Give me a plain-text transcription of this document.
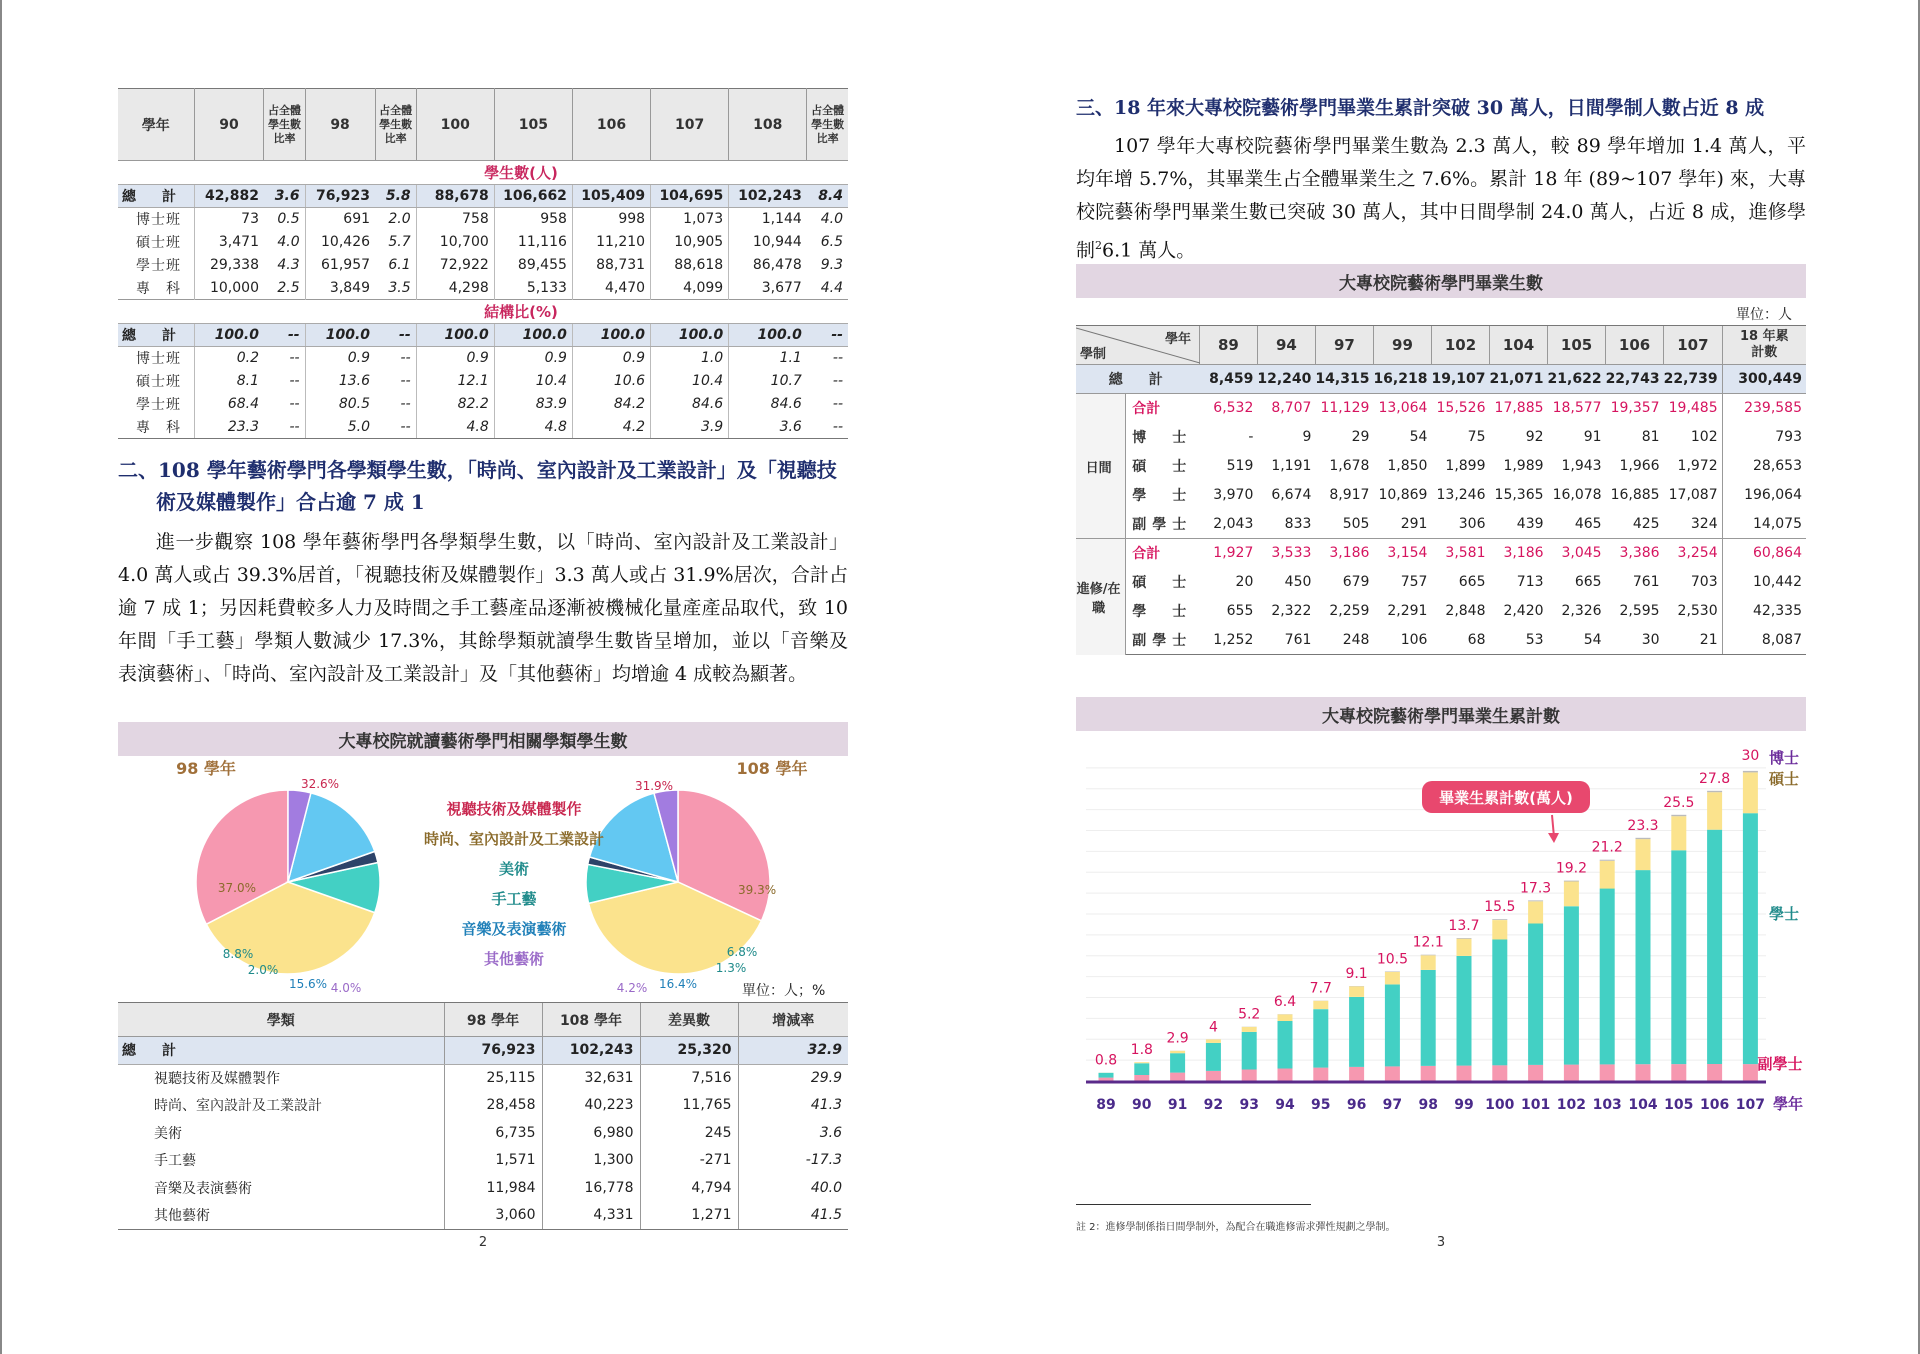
學年	90	占全體學生數比率	98	占全體學生數比率	100	105	106	107	108	占全體學生數比率
	學生數(人)									
總　計	42,882	3.6	76,923	5.8	88,678	106,662	105,409	104,695	102,243	8.4
博士班	73	0.5	691	2.0	758	958	998	1,073	1,144	4.0
碩士班	3,471	4.0	10,426	5.7	10,700	11,116	11,210	10,905	10,944	6.5
學士班	29,338	4.3	61,957	6.1	72,922	89,455	88,731	88,618	86,478	9.3
專　科	10,000	2.5	3,849	3.5	4,298	5,133	4,470	4,099	3,677	4.4
	結構比(%)									
總　計	100.0	--	100.0	--	100.0	100.0	100.0	100.0	100.0	--
博士班	0.2	--	0.9	--	0.9	0.9	0.9	1.0	1.1	--
碩士班	8.1	--	13.6	--	12.1	10.4	10.6	10.4	10.7	--
學士班	68.4	--	80.5	--	82.2	83.9	84.2	84.6	84.6	--
專　科	23.3	--	5.0	--	4.8	4.8	4.2	3.9	3.6	--
二、108 學年藝術學門各學類學生數，「時尚、室內設計及工業設計」及「視聽技
術及媒體製作」合占逾 7 成 1
進一步觀察 108 學年藝術學門各學類學生數，以「時尚、室內設計及工業設計」4.0 萬人或占 39.3%居首，「視聽技術及媒體製作」3.3 萬人或占 31.9%居次，合計占逾 7 成 1；另因耗費較多人力及時間之手工藝產品逐漸被機械化量產產品取代，致 10 年間「手工藝」學類人數減少 17.3%，其餘學類就讀學生數皆呈增加，並以「音樂及表演藝術」、「時尚、室內設計及工業設計」及「其他藝術」均增逾 4 成較為顯著。
大專校院就讀藝術學門相關學類學生數
32.6%
37.0%
8.8%
2.0%
15.6% 4.0%
31.9%
39.3%
6.8%
1.3%
16.4%
4.2%
98 學年	108 學年
視聽技術及媒體製作
時尚、室內設計及工業設計
美術
手工藝
音樂及表演藝術
其他藝術
單位：人；%
學類	98 學年	108 學年	差異數	增減率
總　計	76,923	102,243	25,320	32.9
視聽技術及媒體製作	25,115	32,631	7,516	29.9
時尚、室內設計及工業設計	28,458	40,223	11,765	41.3
美術	6,735	6,980	245	3.6
手工藝	1,571	1,300	-271	-17.3
音樂及表演藝術	11,984	16,778	4,794	40.0
其他藝術	3,060	4,331	1,271	41.5
2
三、18 年來大專校院藝術學門畢業生累計突破 30 萬人，日間學制人數占近 8 成
107 學年大專校院藝術學門畢業生數為 2.3 萬人，較 89 學年增加 1.4 萬人，平均年增 5.7%，其畢業生占全體畢業生之 7.6%。累計 18 年 (89~107 學年) 來，大專校院藝術學門畢業生數已突破 30 萬人，其中日間學制 24.0 萬人，占近 8 成，進修學制$^2$6.1 萬人。
大專校院藝術學門畢業生數
單位：人
學年
學制		89	94	97	99	102	104	105	106	107	18 年累計數
總　計		8,459	12,240	14,315	16,218	19,107	21,071	21,622	22,743	22,739	300,449
日間	合計	6,532	8,707	11,129	13,064	15,526	17,885	18,577	19,357	19,485	239,585
	博　士	-	9	29	54	75	92	91	81	102	793
	碩　士	519	1,191	1,678	1,850	1,899	1,989	1,943	1,966	1,972	28,653
	學　士	3,970	6,674	8,917	10,869	13,246	15,365	16,078	16,885	17,087	196,064
	副學士	2,043	833	505	291	306	439	465	425	324	14,075
進修/在職	合計	1,927	3,533	3,186	3,154	3,581	3,186	3,045	3,386	3,254	60,864
	碩　士	20	450	679	757	665	713	665	761	703	10,442
	學　士	655	2,322	2,259	2,291	2,848	2,420	2,326	2,595	2,530	42,335
	副學士	1,252	761	248	106	68	53	54	30	21	8,087
大專校院藝術學門畢業生累計數
0.8
1.8
2.9
4
5.2
6.4
7.7
9.1
10.5
12.1
13.7
15.5
17.3
19.2
21.2
23.3
25.5
27.8
30
89 90 91 92 93 94 95 96 97 98 99 100 101 102 103 104 105 106 107 學年
副學士
學士
碩士
博士
畢業生累計數(萬人)
註 2：進修學制係指日間學制外，為配合在職進修需求彈性規劃之學制。
3
